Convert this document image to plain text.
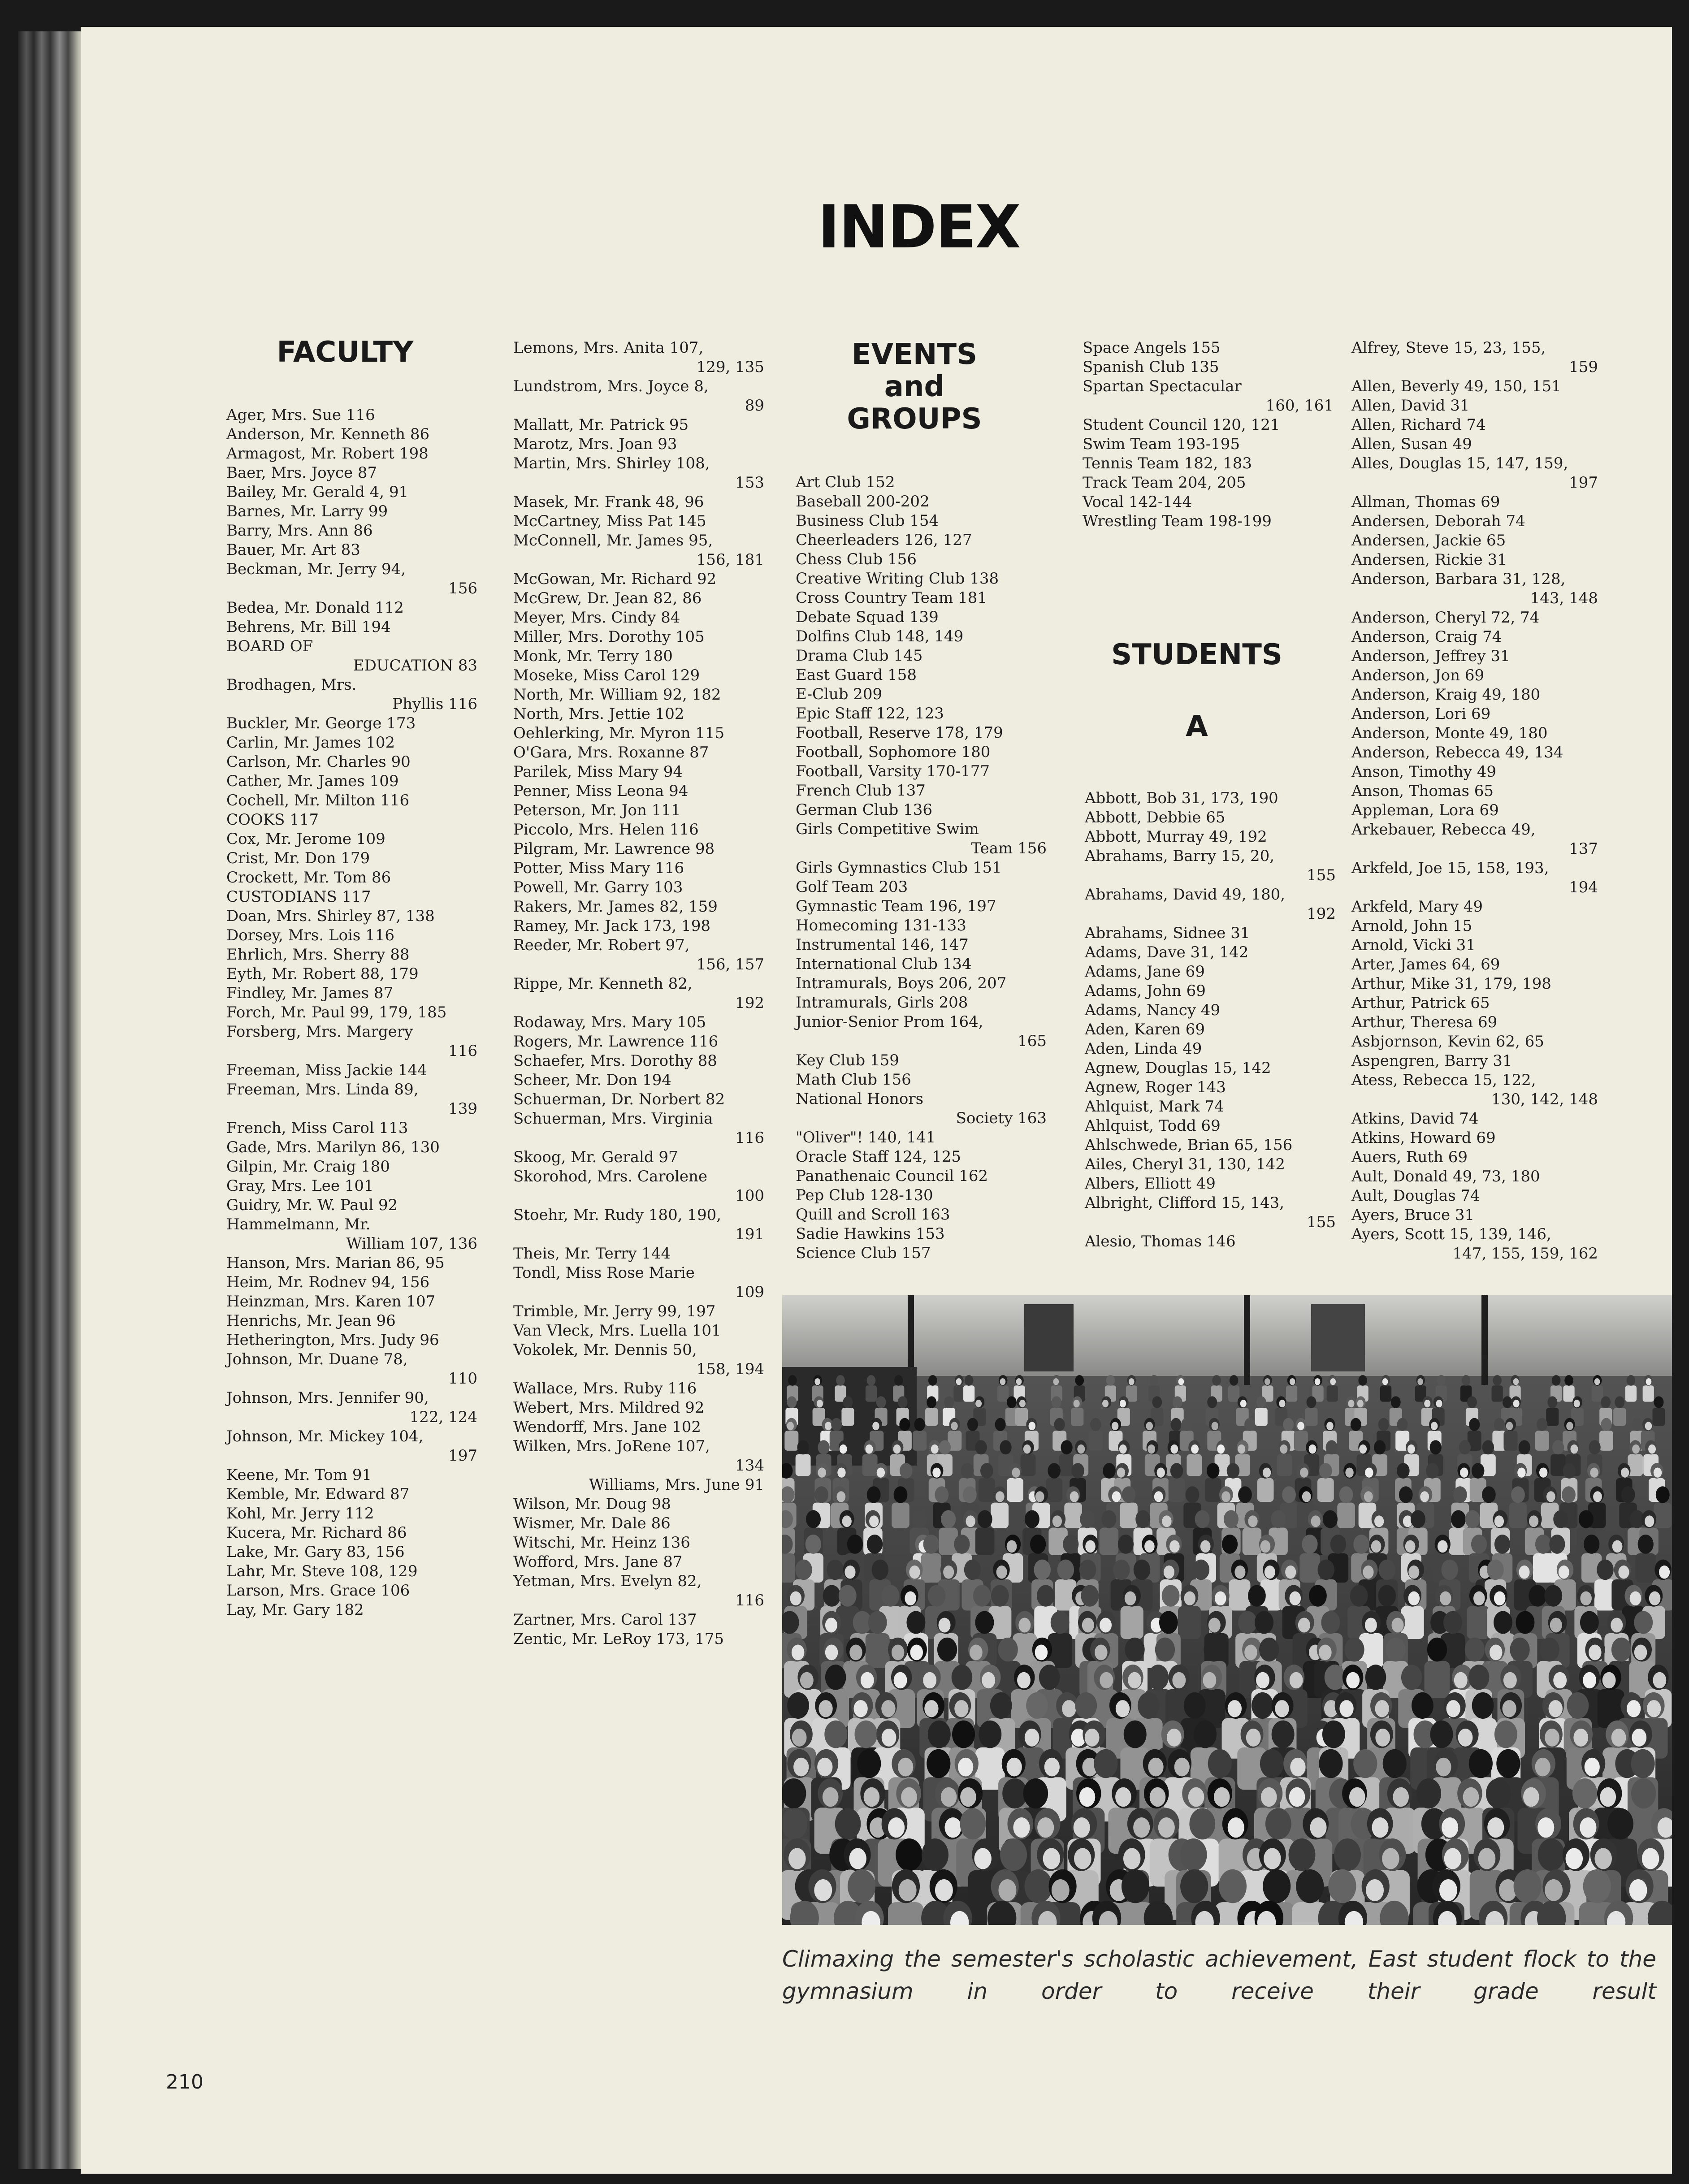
INDEX
FACULTY
Ager, Mrs. Sue 116
Anderson, Mr. Kenneth 86
Armagost, Mr. Robert 198
Baer, Mrs. Joyce 87
Bailey, Mr. Gerald 4, 91
Barnes, Mr. Larry 99
Barry, Mrs. Ann 86
Bauer, Mr. Art 83
Beckman, Mr. Jerry 94,
156
Bedea, Mr. Donald 112
Behrens, Mr. Bill 194
BOARD OF
EDUCATION 83
Brodhagen, Mrs.
Phyllis 116
Buckler, Mr. George 173
Carlin, Mr. James 102
Carlson, Mr. Charles 90
Cather, Mr. James 109
Cochell, Mr. Milton 116
COOKS 117
Cox, Mr. Jerome 109
Crist, Mr. Don 179
Crockett, Mr. Tom 86
CUSTODIANS 117
Doan, Mrs. Shirley 87, 138
Dorsey, Mrs. Lois 116
Ehrlich, Mrs. Sherry 88
Eyth, Mr. Robert 88, 179
Findley, Mr. James 87
Forch, Mr. Paul 99, 179, 185
Forsberg, Mrs. Margery
116
Freeman, Miss Jackie 144
Freeman, Mrs. Linda 89,
139
French, Miss Carol 113
Gade, Mrs. Marilyn 86, 130
Gilpin, Mr. Craig 180
Gray, Mrs. Lee 101
Guidry, Mr. W. Paul 92
Hammelmann, Mr.
William 107, 136
Hanson, Mrs. Marian 86, 95
Heim, Mr. Rodnev 94, 156
Heinzman, Mrs. Karen 107
Henrichs, Mr. Jean 96
Hetherington, Mrs. Judy 96
Johnson, Mr. Duane 78,
110
Johnson, Mrs. Jennifer 90,
122, 124
Johnson, Mr. Mickey 104,
197
Keene, Mr. Tom 91
Kemble, Mr. Edward 87
Kohl, Mr. Jerry 112
Kucera, Mr. Richard 86
Lake, Mr. Gary 83, 156
Lahr, Mr. Steve 108, 129
Larson, Mrs. Grace 106
Lay, Mr. Gary 182
Lemons, Mrs. Anita 107,
129, 135
Lundstrom, Mrs. Joyce 8,
89
Mallatt, Mr. Patrick 95
Marotz, Mrs. Joan 93
Martin, Mrs. Shirley 108,
153
Masek, Mr. Frank 48, 96
McCartney, Miss Pat 145
McConnell, Mr. James 95,
156, 181
McGowan, Mr. Richard 92
McGrew, Dr. Jean 82, 86
Meyer, Mrs. Cindy 84
Miller, Mrs. Dorothy 105
Monk, Mr. Terry 180
Moseke, Miss Carol 129
North, Mr. William 92, 182
North, Mrs. Jettie 102
Oehlerking, Mr. Myron 115
O'Gara, Mrs. Roxanne 87
Parilek, Miss Mary 94
Penner, Miss Leona 94
Peterson, Mr. Jon 111
Piccolo, Mrs. Helen 116
Pilgram, Mr. Lawrence 98
Potter, Miss Mary 116
Powell, Mr. Garry 103
Rakers, Mr. James 82, 159
Ramey, Mr. Jack 173, 198
Reeder, Mr. Robert 97,
156, 157
Rippe, Mr. Kenneth 82,
192
Rodaway, Mrs. Mary 105
Rogers, Mr. Lawrence 116
Schaefer, Mrs. Dorothy 88
Scheer, Mr. Don 194
Schuerman, Dr. Norbert 82
Schuerman, Mrs. Virginia
116
Skoog, Mr. Gerald 97
Skorohod, Mrs. Carolene
100
Stoehr, Mr. Rudy 180, 190,
191
Theis, Mr. Terry 144
Tondl, Miss Rose Marie
109
Trimble, Mr. Jerry 99, 197
Van Vleck, Mrs. Luella 101
Vokolek, Mr. Dennis 50,
158, 194
Wallace, Mrs. Ruby 116
Webert, Mrs. Mildred 92
Wendorff, Mrs. Jane 102
Wilken, Mrs. JoRene 107,
134
Williams, Mrs. June 91
Wilson, Mr. Doug 98
Wismer, Mr. Dale 86
Witschi, Mr. Heinz 136
Wofford, Mrs. Jane 87
Yetman, Mrs. Evelyn 82,
116
Zartner, Mrs. Carol 137
Zentic, Mr. LeRoy 173, 175
EVENTS
and
GROUPS
Art Club 152
Baseball 200-202
Business Club 154
Cheerleaders 126, 127
Chess Club 156
Creative Writing Club 138
Cross Country Team 181
Debate Squad 139
Dolfins Club 148, 149
Drama Club 145
East Guard 158
E-Club 209
Epic Staff 122, 123
Football, Reserve 178, 179
Football, Sophomore 180
Football, Varsity 170-177
French Club 137
German Club 136
Girls Competitive Swim
Team 156
Girls Gymnastics Club 151
Golf Team 203
Gymnastic Team 196, 197
Homecoming 131-133
Instrumental 146, 147
International Club 134
Intramurals, Boys 206, 207
Intramurals, Girls 208
Junior-Senior Prom 164,
165
Key Club 159
Math Club 156
National Honors
Society 163
"Oliver"! 140, 141
Oracle Staff 124, 125
Panathenaic Council 162
Pep Club 128-130
Quill and Scroll 163
Sadie Hawkins 153
Science Club 157
Space Angels 155
Spanish Club 135
Spartan Spectacular
160, 161
Student Council 120, 121
Swim Team 193-195
Tennis Team 182, 183
Track Team 204, 205
Vocal 142-144
Wrestling Team 198-199
STUDENTS
A
Abbott, Bob 31, 173, 190
Abbott, Debbie 65
Abbott, Murray 49, 192
Abrahams, Barry 15, 20,
155
Abrahams, David 49, 180,
192
Abrahams, Sidnee 31
Adams, Dave 31, 142
Adams, Jane 69
Adams, John 69
Adams, Nancy 49
Aden, Karen 69
Aden, Linda 49
Agnew, Douglas 15, 142
Agnew, Roger 143
Ahlquist, Mark 74
Ahlquist, Todd 69
Ahlschwede, Brian 65, 156
Ailes, Cheryl 31, 130, 142
Albers, Elliott 49
Albright, Clifford 15, 143,
155
Alesio, Thomas 146
Alfrey, Steve 15, 23, 155,
159
Allen, Beverly 49, 150, 151
Allen, David 31
Allen, Richard 74
Allen, Susan 49
Alles, Douglas 15, 147, 159,
197
Allman, Thomas 69
Andersen, Deborah 74
Andersen, Jackie 65
Andersen, Rickie 31
Anderson, Barbara 31, 128,
143, 148
Anderson, Cheryl 72, 74
Anderson, Craig 74
Anderson, Jeffrey 31
Anderson, Jon 69
Anderson, Kraig 49, 180
Anderson, Lori 69
Anderson, Monte 49, 180
Anderson, Rebecca 49, 134
Anson, Timothy 49
Anson, Thomas 65
Appleman, Lora 69
Arkebauer, Rebecca 49,
137
Arkfeld, Joe 15, 158, 193,
194
Arkfeld, Mary 49
Arnold, John 15
Arnold, Vicki 31
Arter, James 64, 69
Arthur, Mike 31, 179, 198
Arthur, Patrick 65
Arthur, Theresa 69
Asbjornson, Kevin 62, 65
Aspengren, Barry 31
Atess, Rebecca 15, 122,
130, 142, 148
Atkins, David 74
Atkins, Howard 69
Auers, Ruth 69
Ault, Donald 49, 73, 180
Ault, Douglas 74
Ayers, Bruce 31
Ayers, Scott 15, 139, 146,
147, 155, 159, 162
Climaxing the semester's scholastic achievement, East student flock to the gymnasium in order to receive their grade result
210
